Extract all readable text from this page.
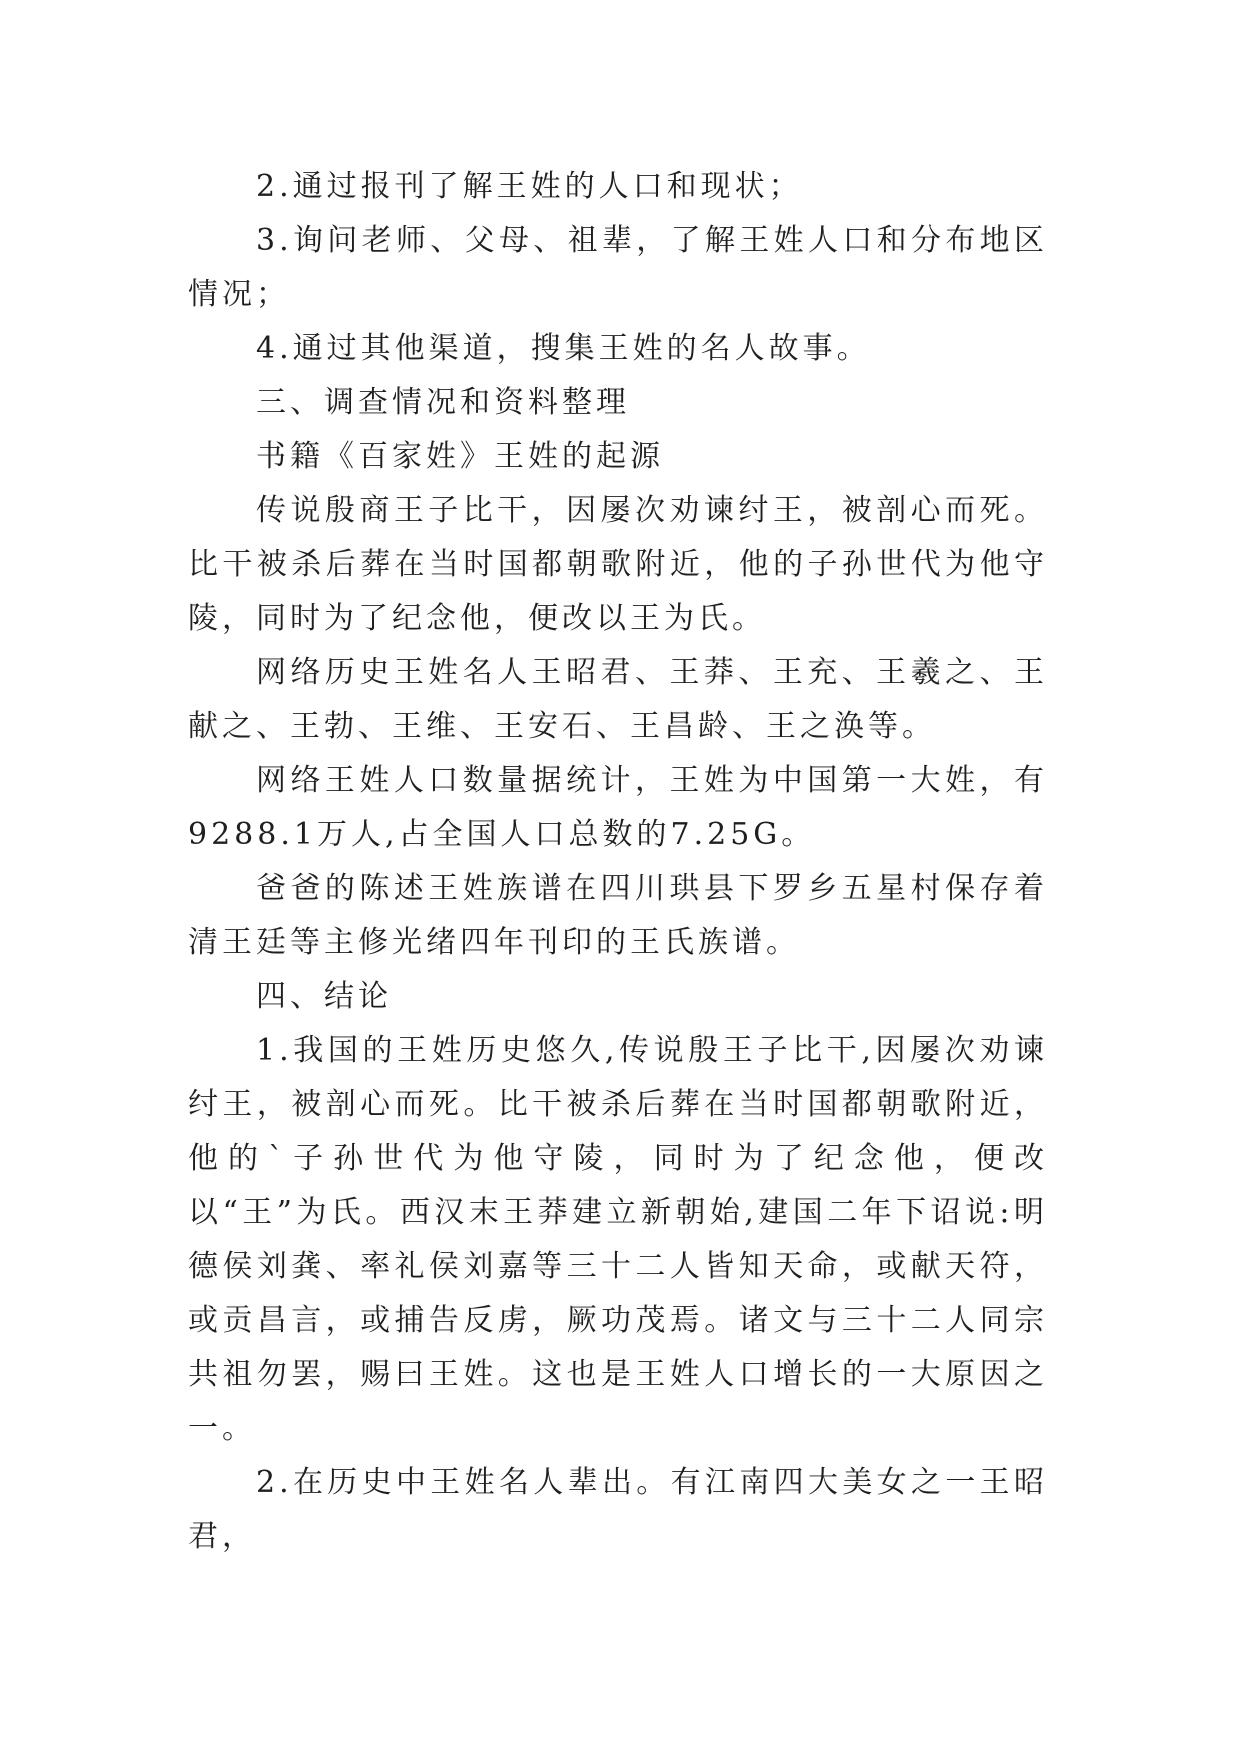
2.通过报刊了解王姓的人口和现状；

3.询问老师、父母、祖辈，了解王姓人口和分布地区情况；

4.通过其他渠道，搜集王姓的名人故事。

三、调查情况和资料整理

书籍《百家姓》王姓的起源

传说殷商王子比干，因屡次劝谏纣王，被剖心而死。比干被杀后葬在当时国都朝歌附近，他的子孙世代为他守陵，同时为了纪念他，便改以王为氏。

网络历史王姓名人王昭君、王莽、王充、王羲之、王献之、王勃、王维、王安石、王昌龄、王之涣等。

网络王姓人口数量据统计，王姓为中国第一大姓，有9288.1万人,占全国人口总数的7.25G。

爸爸的陈述王姓族谱在四川珙县下罗乡五星村保存着清王廷等主修光绪四年刊印的王氏族谱。

四、结论

1.我国的王姓历史悠久,传说殷王子比干,因屡次劝谏纣王，被剖心而死。比干被杀后葬在当时国都朝歌附近，他的`子孙世代为他守陵，同时为了纪念他，便改以“王”为氏。西汉末王莽建立新朝始,建国二年下诏说:明德侯刘龚、率礼侯刘嘉等三十二人皆知天命，或献天符，或贡昌言，或捕告反虏，厥功茂焉。诸文与三十二人同宗共祖勿罢，赐曰王姓。这也是王姓人口增长的一大原因之一。

2.在历史中王姓名人辈出。有江南四大美女之一王昭君，
